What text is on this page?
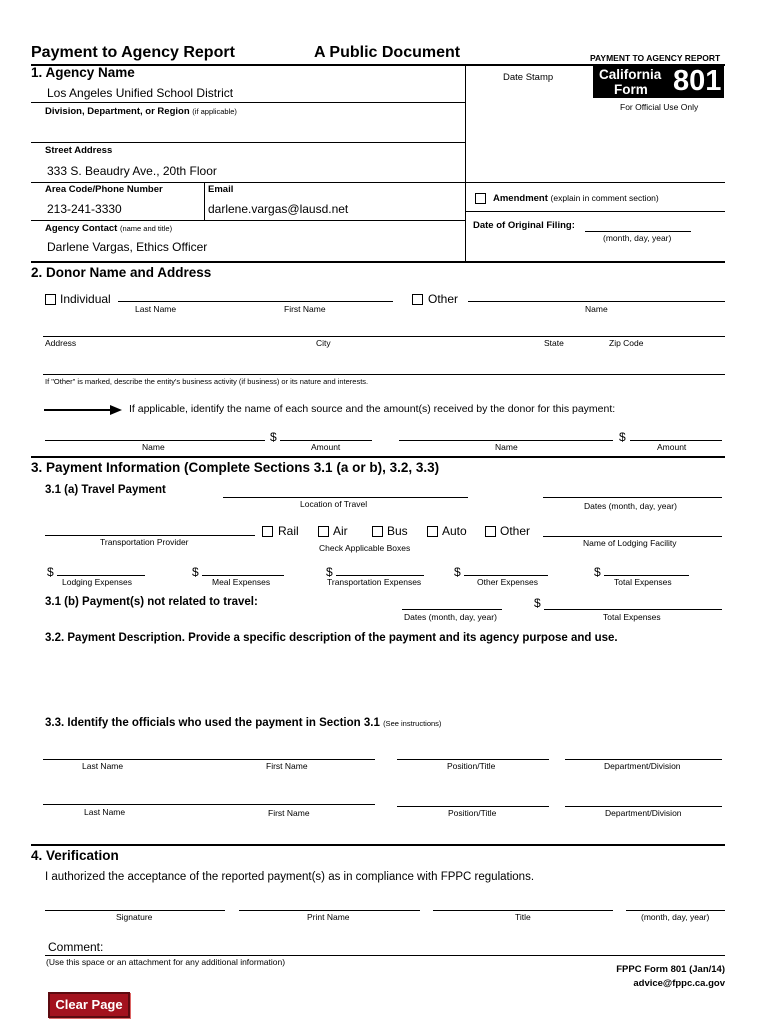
Payment to Agency Report	A Public Document	PAYMENT TO AGENCY REPORT
1. Agency Name	Date Stamp	California
Form 801
For Official Use Only
Los Angeles Unified School District
Division, Department, or Region (if applicable)
Street Address
333 S. Beaudry Ave., 20th Floor
Area Code/Phone Number	Email
213-241-3330	darlene.vargas@lausd.net
Agency Contact (name and title)
Darlene Vargas, Ethics Officer
Amendment (explain in comment section)
Date of Original Filing:
(month, day, year)
2. Donor Name and Address
Individual
Last Name	First Name
Other
Name
Address	City	State	Zip Code
If "Other" is marked, describe the entity's business activity (if business) or its nature and interests.
If applicable, identify the name of each source and the amount(s) received by the donor for this payment:
$
Name	Amount
$
Name	Amount
3. Payment Information (Complete Sections 3.1 (a or b), 3.2, 3.3)
3.1 (a) Travel Payment
Location of Travel	Dates (month, day, year)
Transportation Provider
Rail	Air	Bus	Auto	Other
Check Applicable Boxes	Name of Lodging Facility
$
Lodging Expenses
$
Meal Expenses
$
Transportation Expenses
$
Other Expenses
$
Total Expenses
3.1 (b) Payment(s) not related to travel:
Dates (month, day, year)
$
Total Expenses
3.2. Payment Description. Provide a specific description of the payment and its agency purpose and use.
3.3. Identify the officials who used the payment in Section 3.1 (See instructions)
Last Name	First Name	Position/Title	Department/Division
Last Name	First Name	Position/Title	Department/Division
4. Verification
I authorized the acceptance of the reported payment(s) as in compliance with FPPC regulations.
Signature	Print Name	Title	(month, day, year)
Comment:
(Use this space or an attachment for any additional information)
FPPC Form 801 (Jan/14)
advice@fppc.ca.gov
Clear Page
